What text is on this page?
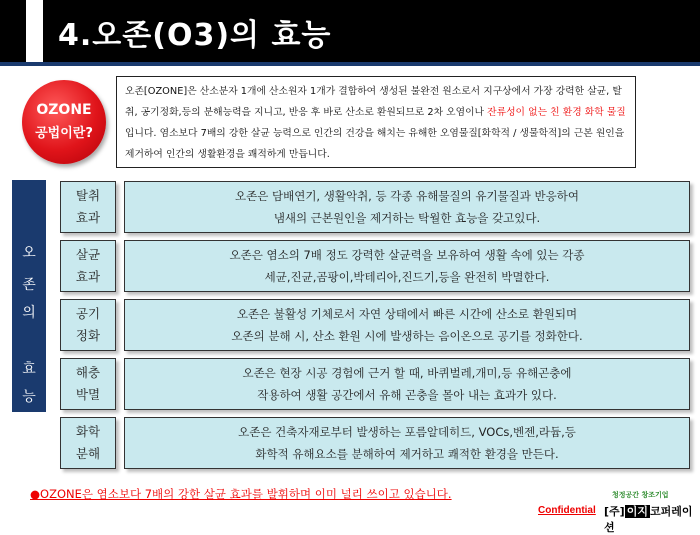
4.오존(O3)의 효능
OZONE
공법이란?
오존[OZONE]은 산소분자 1개에 산소원자 1개가 결합하여 생성된 불완전 원소로서 지구상에서 가장 강력한 살균, 탈취, 공기정화,등의 분해능력을 지니고, 반응 후 바로 산소로 환원되므로 2차 오염이나 잔류성이 없는 친 환경 화학 물질 입니다. 염소보다 7배의 강한 살균 능력으로 인간의 건강을 해치는 유해한 오염물질[화학적 / 생물학적]의 근본 원인을 제거하여 인간의 생활환경을 쾌적하게 만듭니다.
오
존
의
효
능
탈취
효과
오존은 담배연기, 생활악취, 등 각종 유해물질의 유기물질과 반응하여
냄새의 근본원인을 제거하는 탁월한 효능을 갖고있다.
살균
효과
오존은 염소의 7배 정도 강력한 살균력을 보유하여 생활 속에 있는 각종
세균,진균,곰팡이,박테리아,진드기,등을 완전히 박멸한다.
공기
정화
오존은 불활성 기체로서 자연 상태에서 빠른 시간에 산소로 환원되며
오존의 분해 시, 산소 환원 시에 발생하는 음이온으로 공기를 정화한다.
해충
박멸
오존은 현장 시공 경험에 근거 할 때, 바퀴벌레,개미,등 유해곤충에
작용하여 생활 공간에서 유해 곤충을 몰아 내는 효과가 있다.
화학
분해
오존은 건축자재로부터 발생하는 포름알데히드, VOCs,벤젠,라듐,등
화학적 유해요소를 분해하여 제거하고 쾌적한 환경을 만든다.
●OZONE은 염소보다 7배의 강한 살균 효과를 발휘하며 이미 널리 쓰이고 있습니다.
Confidential
청정공간 창조기업
[주] 이지 코퍼레이션
